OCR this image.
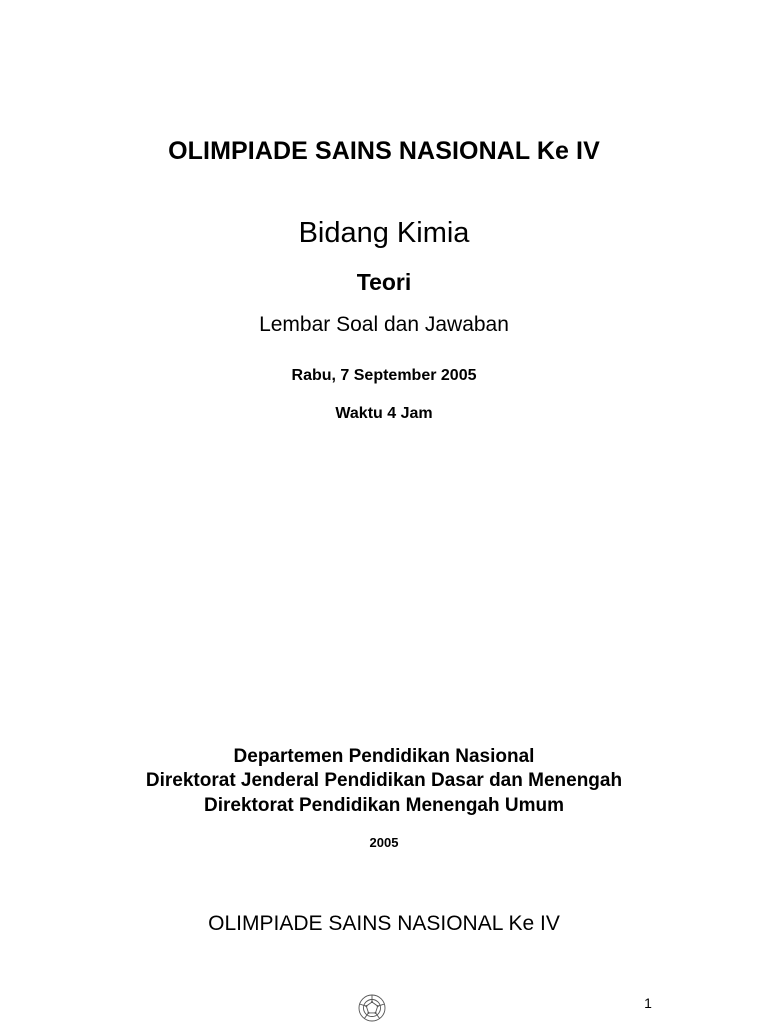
OLIMPIADE SAINS NASIONAL Ke IV
Bidang Kimia
Teori

Lembar Soal dan Jawaban

Rabu, 7 September 2005

Waktu 4 Jam

Departemen Pendidikan Nasional

Direktorat Jenderal Pendidikan Dasar dan Menengah

Direktorat Pendidikan Menengah Umum

2005

OLIMPIADE SAINS NASIONAL Ke IV

1
